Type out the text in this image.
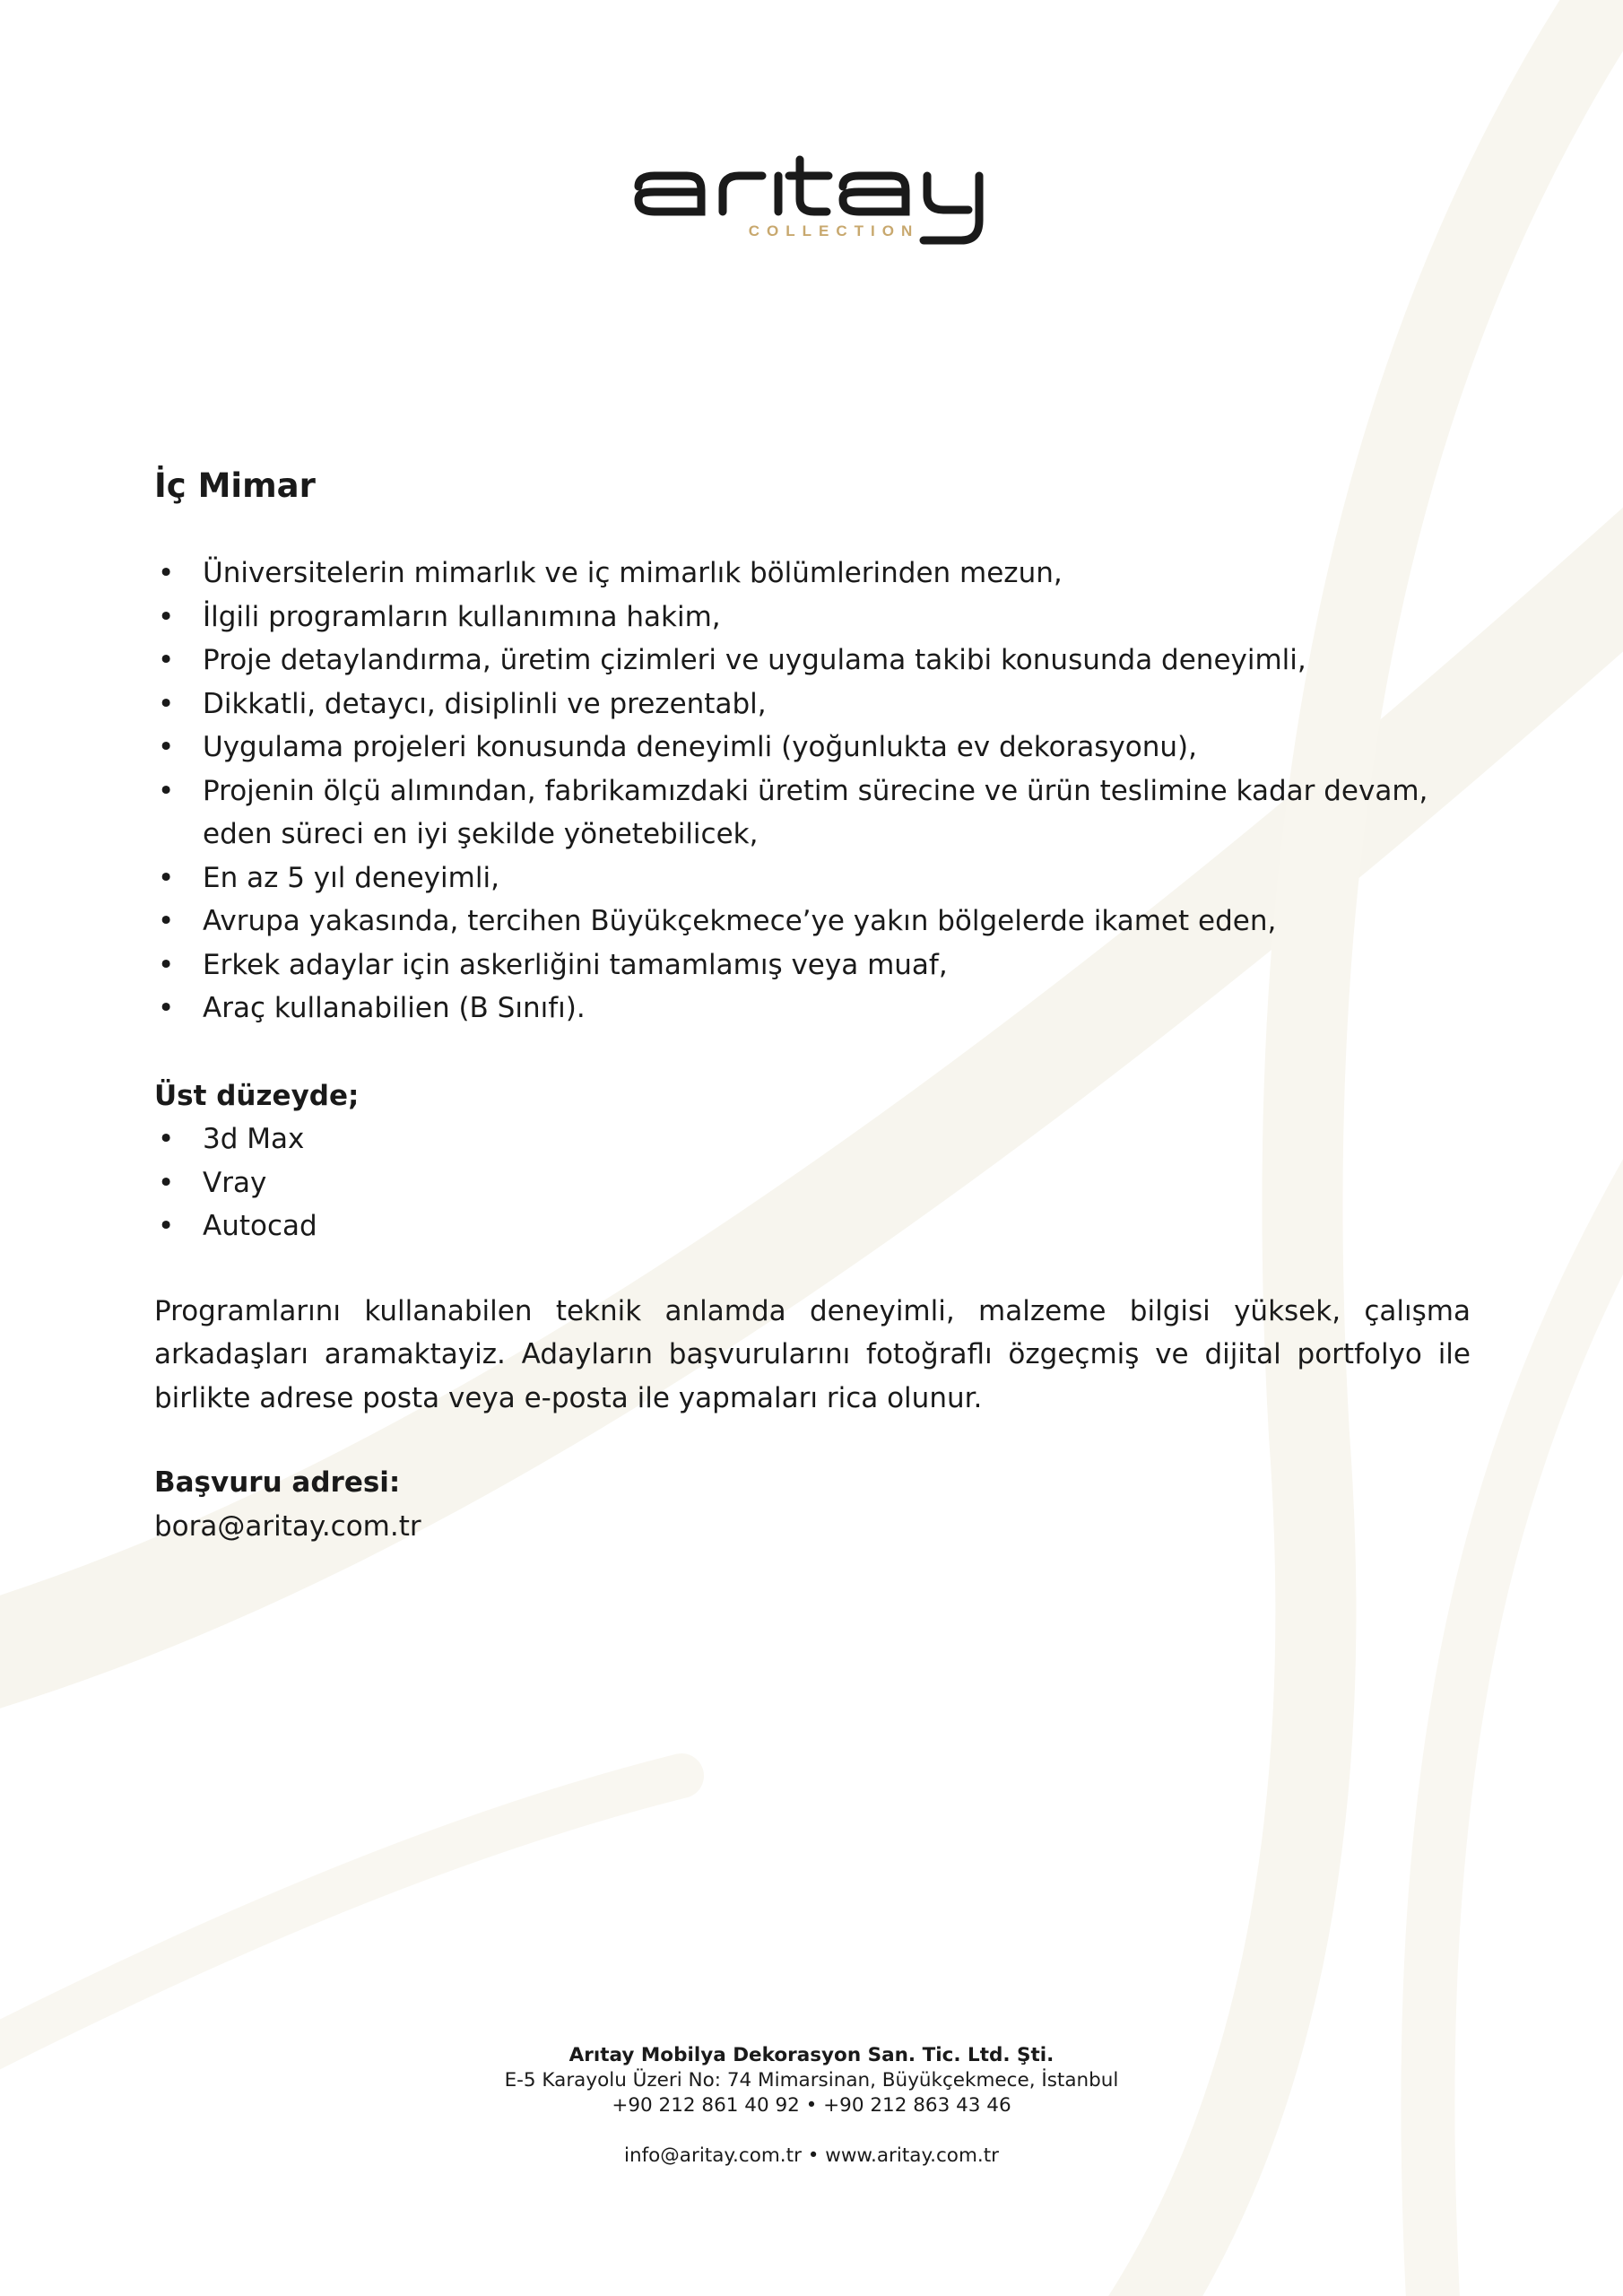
COLLECTION
İç Mimar
• Üniversitelerin mimarlık ve iç mimarlık bölümlerinden mezun,
• İlgili programların kullanımına hakim,
• Proje detaylandırma, üretim çizimleri ve uygulama takibi konusunda deneyimli,
• Dikkatli, detaycı, disiplinli ve prezentabl,
• Uygulama projeleri konusunda deneyimli (yoğunlukta ev dekorasyonu),
• Projenin ölçü alımından, fabrikamızdaki üretim sürecine ve ürün teslimine kadar devam, eden süreci en iyi şekilde yönetebilicek,
• En az 5 yıl deneyimli,
• Avrupa yakasında, tercihen Büyükçekmece’ye yakın bölgelerde ikamet eden,
• Erkek adaylar için askerliğini tamamlamış veya muaf,
• Araç kullanabilien (B Sınıfı).
Üst düzeyde;
• 3d Max
• Vray
• Autocad

Programlarını kullanabilen teknik anlamda deneyimli, malzeme bilgisi yüksek, çalışma arkadaşları aramaktayiz. Adayların başvurularını fotoğraflı özgeçmiş ve dijital portfolyo ile birlikte adrese posta veya e-posta ile yapmaları rica olunur.

Başvuru adresi:
bora@aritay.com.tr
Arıtay Mobilya Dekorasyon San. Tic. Ltd. Şti.
E-5 Karayolu Üzeri No: 74 Mimarsinan, Büyükçekmece, İstanbul
+90 212 861 40 92 • +90 212 863 43 46
info@aritay.com.tr • www.aritay.com.tr
